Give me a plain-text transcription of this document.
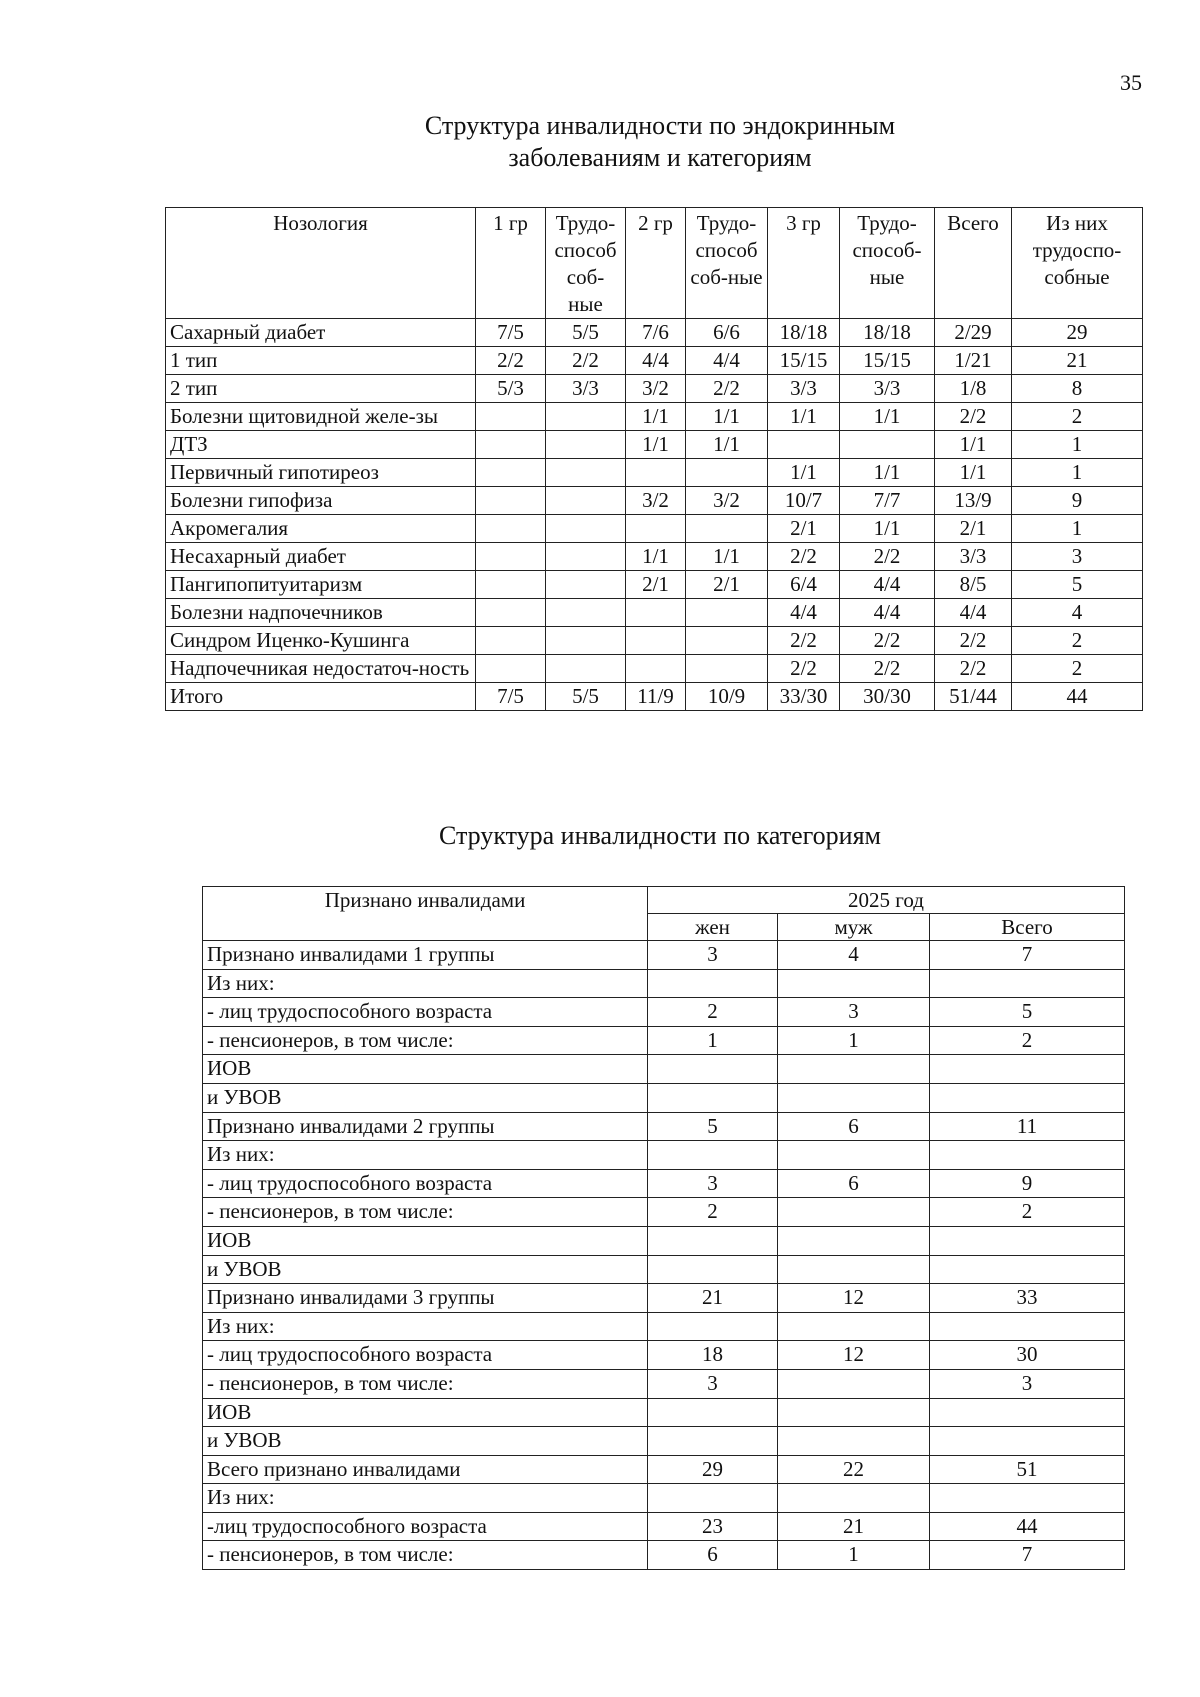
35
Структура инвалидности по эндокринным
заболеваниям и категориям
Нозология	1 гр	Трудо-способ соб-ные	2 гр	Трудо-способ соб-ные	3 гр	Трудо-способ-ные	Всего	Из них трудоспо-собные
Сахарный диабет	7/5	5/5	7/6	6/6	18/18	18/18	2/29	29
1 тип	2/2	2/2	4/4	4/4	15/15	15/15	1/21	21
2 тип	5/3	3/3	3/2	2/2	3/3	3/3	1/8	8
Болезни щитовидной желе-зы			1/1	1/1	1/1	1/1	2/2	2
ДТЗ			1/1	1/1			1/1	1
Первичный гипотиреоз					1/1	1/1	1/1	1
Болезни гипофиза			3/2	3/2	10/7	7/7	13/9	9
Акромегалия					2/1	1/1	2/1	1
Несахарный диабет			1/1	1/1	2/2	2/2	3/3	3
Пангипопитуитаризм			2/1	2/1	6/4	4/4	8/5	5
Болезни надпочечников					4/4	4/4	4/4	4
Синдром Иценко-Кушинга					2/2	2/2	2/2	2
Надпочечникая недостаточ-ность					2/2	2/2	2/2	2
Итого	7/5	5/5	11/9	10/9	33/30	30/30	51/44	44
Структура инвалидности по категориям
Признано инвалидами	2025 год		
	жен	муж	Всего
Признано инвалидами 1 группы	3	4	7
Из них:			
- лиц трудоспособного возраста	2	3	5
- пенсионеров, в том числе:	1	1	2
ИОВ			
и УВОВ			
Признано инвалидами 2 группы	5	6	11
Из них:			
- лиц трудоспособного возраста	3	6	9
- пенсионеров, в том числе:	2		2
ИОВ			
и УВОВ			
Признано инвалидами 3 группы	21	12	33
Из них:			
- лиц трудоспособного возраста	18	12	30
- пенсионеров, в том числе:	3		3
ИОВ			
и УВОВ			
Всего признано инвалидами	29	22	51
Из них:			
-лиц трудоспособного возраста	23	21	44
- пенсионеров, в том числе:	6	1	7
